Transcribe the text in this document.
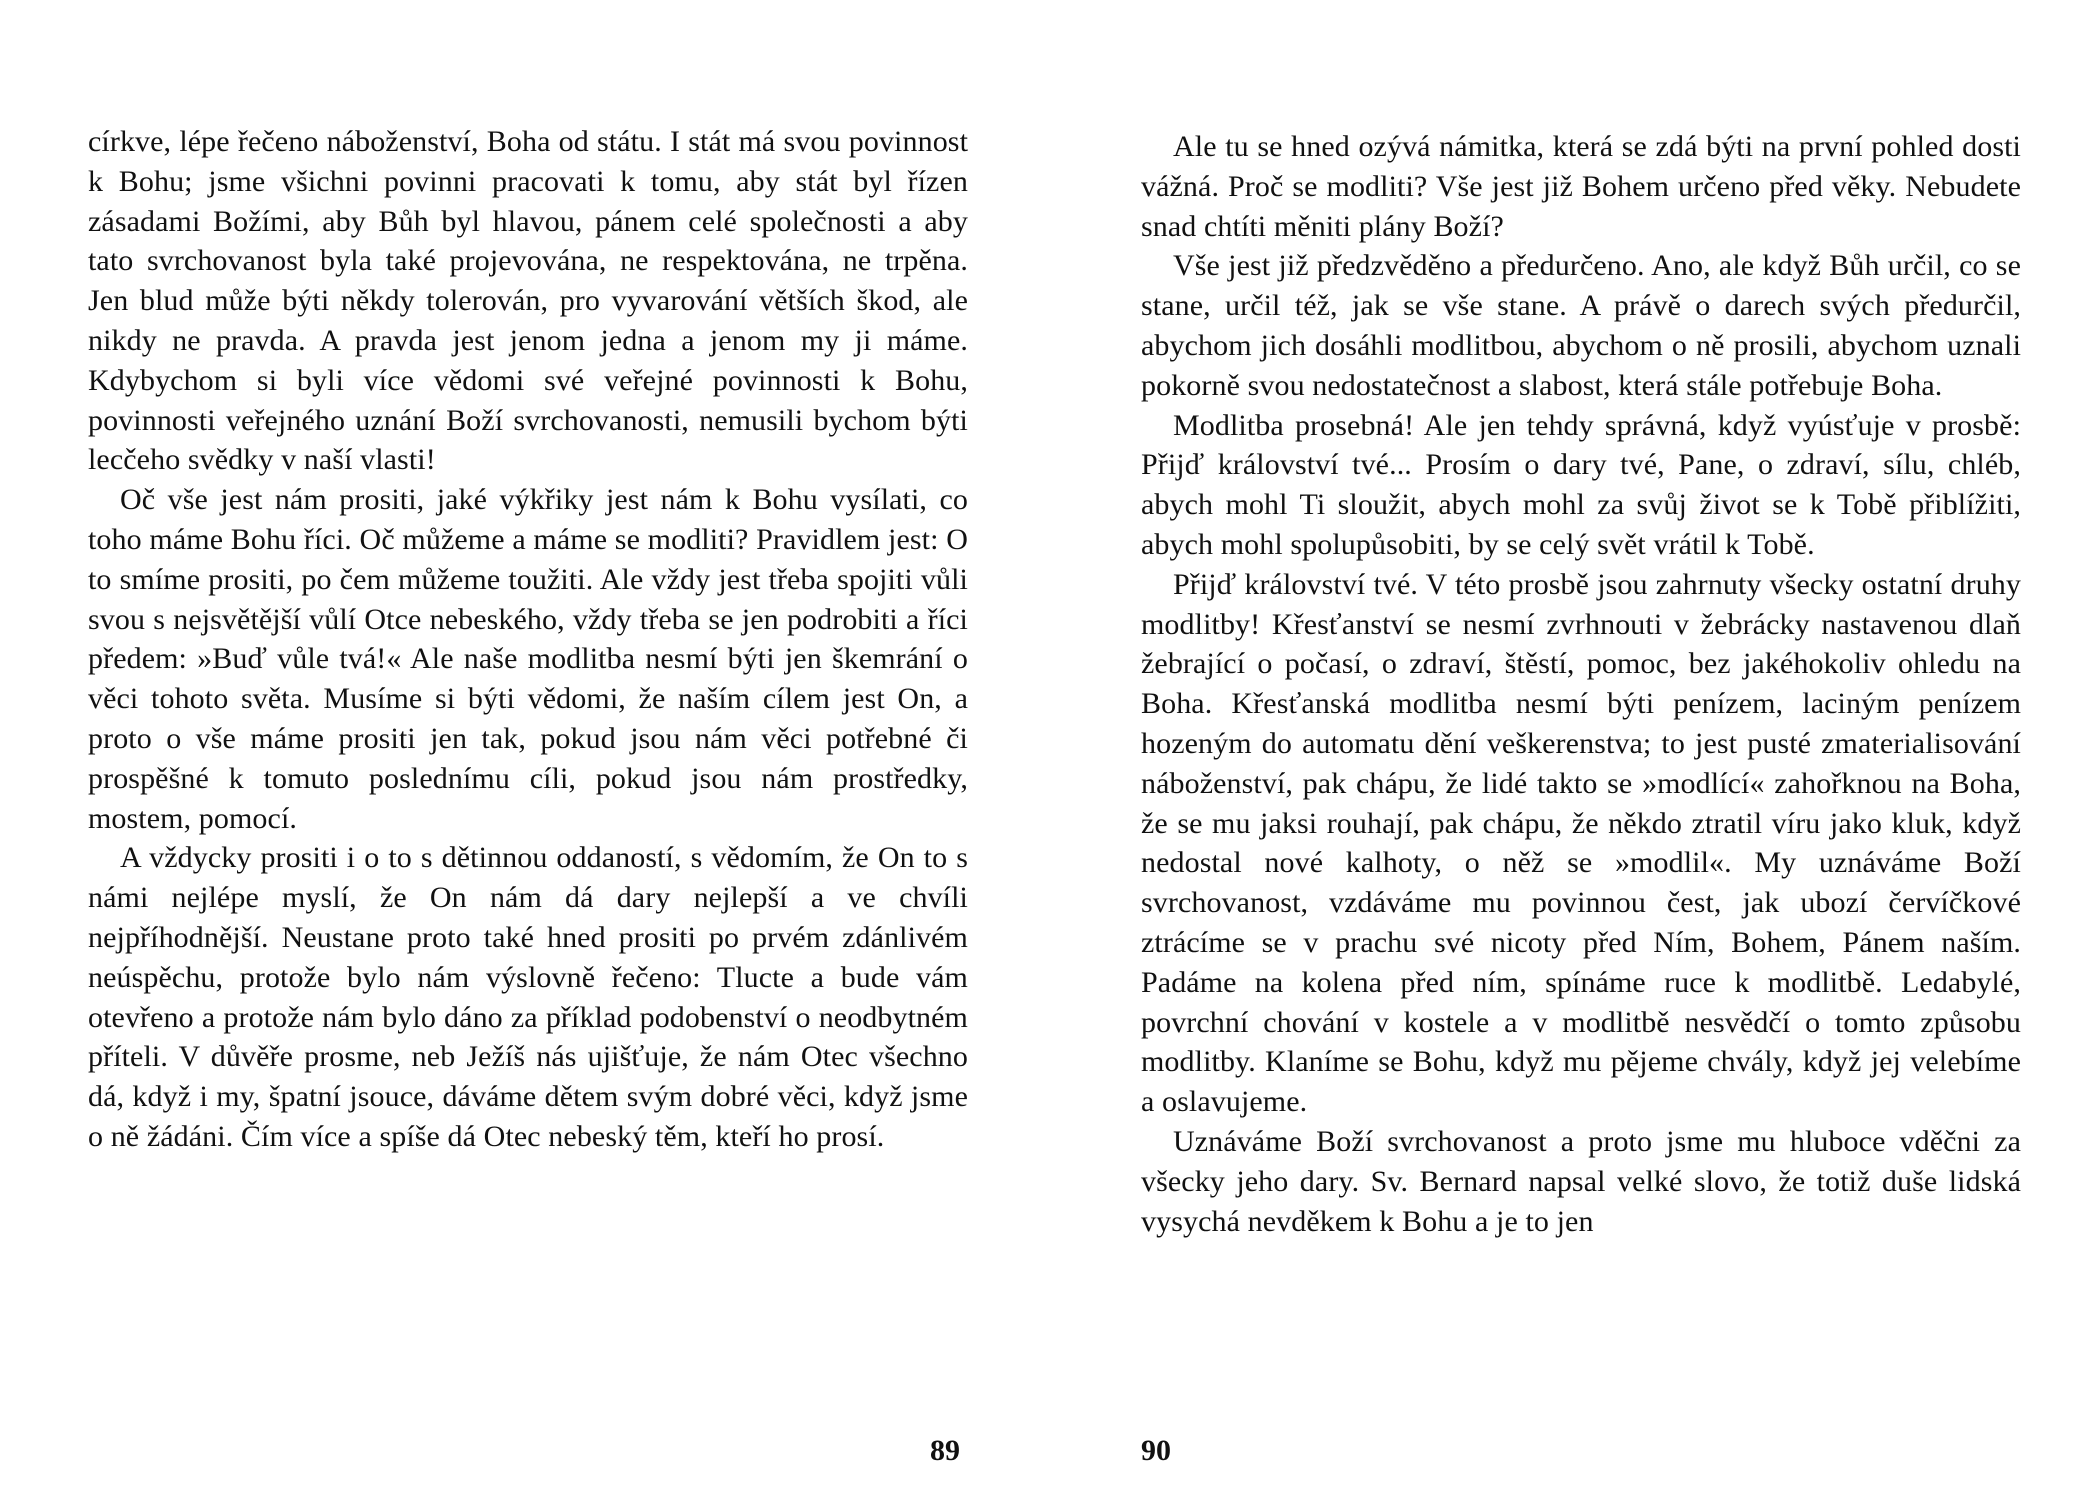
církve, lépe řečeno náboženství, Boha od státu. I stát má svou povinnost k Bohu; jsme všichni povinni pracovati k tomu, aby stát byl řízen zásadami Božími, aby Bůh byl hlavou, pánem celé společnosti a aby tato svrchovanost byla také projevována, ne respektována, ne trpěna. Jen blud může býti někdy tolerován, pro vyvarování větších škod, ale nikdy ne pravda. A pravda jest jenom jedna a jenom my ji máme. Kdybychom si byli více vědomi své veřejné povinnosti k Bohu, povinnosti veřejného uznání Boží svrchovanosti, nemusili bychom býti lecčeho svědky v naší vlasti!

Oč vše jest nám prositi, jaké výkřiky jest nám k Bohu vysílati, co toho máme Bohu říci. Oč můžeme a máme se modliti? Pravidlem jest: O to smíme prositi, po čem můžeme toužiti. Ale vždy jest třeba spojiti vůli svou s nejsvětější vůlí Otce nebeského, vždy třeba se jen podrobiti a říci předem: »Buď vůle tvá!« Ale naše modlitba nesmí býti jen škemrání o věci tohoto světa. Musíme si býti vědomi, že naším cílem jest On, a proto o vše máme prositi jen tak, pokud jsou nám věci potřebné či prospěšné k tomuto poslednímu cíli, pokud jsou nám prostředky, mostem, pomocí.

A vždycky prositi i o to s dětinnou oddaností, s vědomím, že On to s námi nejlépe myslí, že On nám dá dary nejlepší a ve chvíli nejpříhodnější. Neustane proto také hned prositi po prvém zdánlivém neúspěchu, protože bylo nám výslovně řečeno: Tlucte a bude vám otevřeno a protože nám bylo dáno za příklad podobenství o neodbytném příteli. V důvěře prosme, neb Ježíš nás ujišťuje, že nám Otec všechno dá, když i my, špatní jsouce, dáváme dětem svým dobré věci, když jsme o ně žádáni. Čím více a spíše dá Otec nebeský těm, kteří ho prosí.

89

Ale tu se hned ozývá námitka, která se zdá býti na první pohled dosti vážná. Proč se modliti? Vše jest již Bohem určeno před věky. Nebudete snad chtíti měniti plány Boží?

Vše jest již předzvěděno a předurčeno. Ano, ale když Bůh určil, co se stane, určil též, jak se vše stane. A právě o darech svých předurčil, abychom jich dosáhli modlitbou, abychom o ně prosili, abychom uznali pokorně svou nedostatečnost a slabost, která stále potřebuje Boha.

Modlitba prosebná! Ale jen tehdy správná, když vyúsťuje v prosbě: Přijď království tvé... Prosím o dary tvé, Pane, o zdraví, sílu, chléb, abych mohl Ti sloužit, abych mohl za svůj život se k Tobě přiblížiti, abych mohl spolupůsobiti, by se celý svět vrátil k Tobě.

Přijď království tvé. V této prosbě jsou zahrnuty všecky ostatní druhy modlitby! Křesťanství se nesmí zvrhnouti v žebrácky nastavenou dlaň žebrající o počasí, o zdraví, štěstí, pomoc, bez jakéhokoliv ohledu na Boha. Křesťanská modlitba nesmí býti penízem, laciným penízem hozeným do automatu dění veškerenstva; to jest pusté zmaterialisování náboženství, pak chápu, že lidé takto se »modlící« zahořknou na Boha, že se mu jaksi rouhají, pak chápu, že někdo ztratil víru jako kluk, když nedostal nové kalhoty, o něž se »modlil«. My uznáváme Boží svrchovanost, vzdáváme mu povinnou čest, jak ubozí červíčkové ztrácíme se v prachu své nicoty před Ním, Bohem, Pánem naším. Padáme na kolena před ním, spínáme ruce k modlitbě. Ledabylé, povrchní chování v kostele a v modlitbě nesvědčí o tomto způsobu modlitby. Klaníme se Bohu, když mu pějeme chvály, když jej velebíme a oslavujeme.

Uznáváme Boží svrchovanost a proto jsme mu hluboce vděčni za všecky jeho dary. Sv. Bernard napsal velké slovo, že totiž duše lidská vysychá nevděkem k Bohu a je to jen

90
